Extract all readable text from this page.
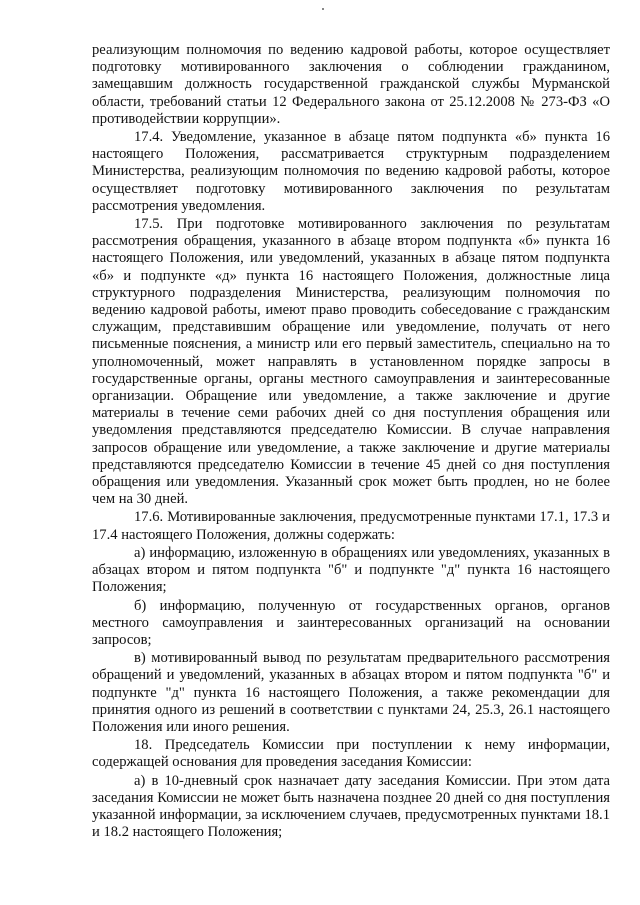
реализующим полномочия по ведению кадровой работы, которое осуществляет подготовку мотивированного заключения о соблюдении гражданином, замещавшим должность государственной гражданской службы Мурманской области, требований статьи 12 Федерального закона от 25.12.2008 № 273-ФЗ «О противодействии коррупции».

17.4. Уведомление, указанное в абзаце пятом подпункта «б» пункта 16 настоящего Положения, рассматривается структурным подразделением Министерства, реализующим полномочия по ведению кадровой работы, которое осуществляет подготовку мотивированного заключения по результатам рассмотрения уведомления.

17.5. При подготовке мотивированного заключения по результатам рассмотрения обращения, указанного в абзаце втором подпункта «б» пункта 16 настоящего Положения, или уведомлений, указанных в абзаце пятом подпункта «б» и подпункте «д» пункта 16 настоящего Положения, должностные лица структурного подразделения Министерства, реализующим полномочия по ведению кадровой работы, имеют право проводить собеседование с гражданским служащим, представившим обращение или уведомление, получать от него письменные пояснения, а министр или его первый заместитель, специально на то уполномоченный, может направлять в установленном порядке запросы в государственные органы, органы местного самоуправления и заинтересованные организации. Обращение или уведомление, а также заключение и другие материалы в течение семи рабочих дней со дня поступления обращения или уведомления представляются председателю Комиссии. В случае направления запросов обращение или уведомление, а также заключение и другие материалы представляются председателю Комиссии в течение 45 дней со дня поступления обращения или уведомления. Указанный срок может быть продлен, но не более чем на 30 дней.

17.6. Мотивированные заключения, предусмотренные пунктами 17.1, 17.3 и 17.4 настоящего Положения, должны содержать:

а) информацию, изложенную в обращениях или уведомлениях, указанных в абзацах втором и пятом подпункта "б" и подпункте "д" пункта 16 настоящего Положения;

б) информацию, полученную от государственных органов, органов местного самоуправления и заинтересованных организаций на основании запросов;

в) мотивированный вывод по результатам предварительного рассмотрения обращений и уведомлений, указанных в абзацах втором и пятом подпункта "б" и подпункте "д" пункта 16 настоящего Положения, а также рекомендации для принятия одного из решений в соответствии с пунктами 24, 25.3, 26.1 настоящего Положения или иного решения.

18. Председатель Комиссии при поступлении к нему информации, содержащей основания для проведения заседания Комиссии:

а) в 10-дневный срок назначает дату заседания Комиссии. При этом дата заседания Комиссии не может быть назначена позднее 20 дней со дня поступления указанной информации, за исключением случаев, предусмотренных пунктами 18.1 и 18.2 настоящего Положения;
